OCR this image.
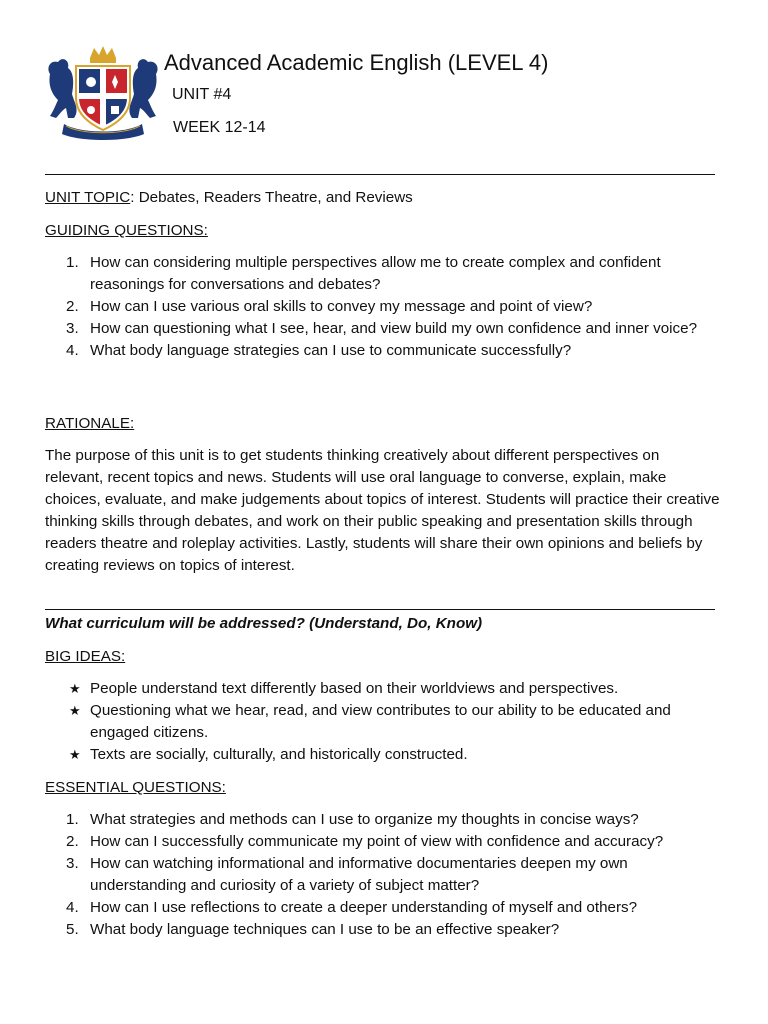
Advanced Academic English (LEVEL 4)
UNIT #4
WEEK 12-14
UNIT TOPIC: Debates, Readers Theatre, and Reviews
GUIDING QUESTIONS:
1. How can considering multiple perspectives allow me to create complex and confident reasonings for conversations and debates?
2. How can I use various oral skills to convey my message and point of view?
3. How can questioning what I see, hear, and view build my own confidence and inner voice?
4. What body language strategies can I use to communicate successfully?
RATIONALE:
The purpose of this unit is to get students thinking creatively about different perspectives on relevant, recent topics and news. Students will use oral language to converse, explain, make choices, evaluate, and make judgements about topics of interest. Students will practice their creative thinking skills through debates, and work on their public speaking and presentation skills through readers theatre and roleplay activities. Lastly, students will share their own opinions and beliefs by creating reviews on topics of interest.
What curriculum will be addressed? (Understand, Do, Know)
BIG IDEAS:
★ People understand text differently based on their worldviews and perspectives.
★ Questioning what we hear, read, and view contributes to our ability to be educated and engaged citizens.
★ Texts are socially, culturally, and historically constructed.
ESSENTIAL QUESTIONS:
1. What strategies and methods can I use to organize my thoughts in concise ways?
2. How can I successfully communicate my point of view with confidence and accuracy?
3. How can watching informational and informative documentaries deepen my own understanding and curiosity of a variety of subject matter?
4. How can I use reflections to create a deeper understanding of myself and others?
5. What body language techniques can I use to be an effective speaker?
